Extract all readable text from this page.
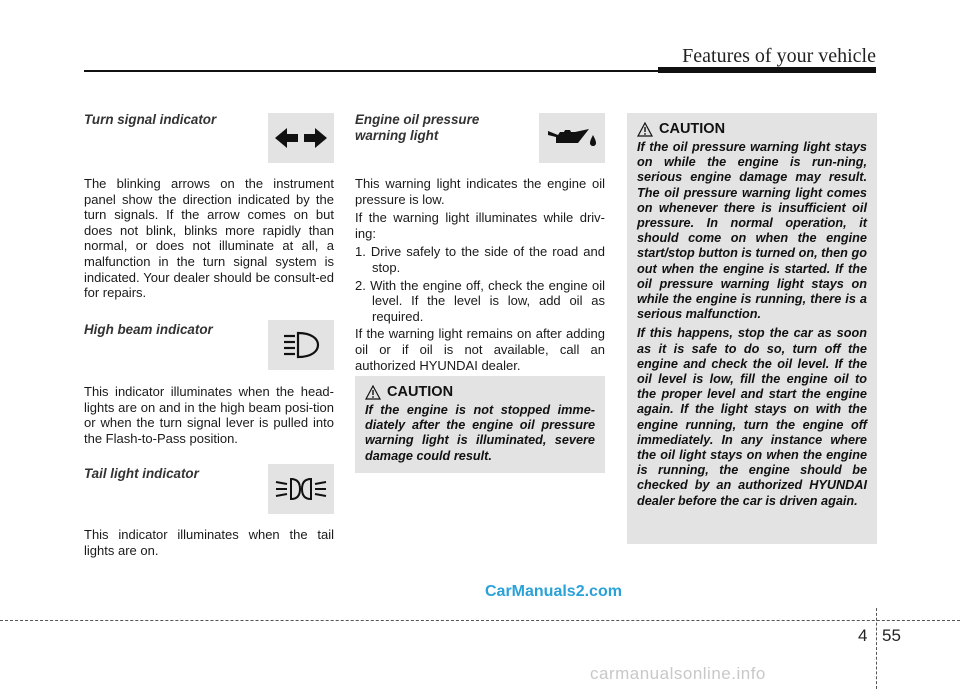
Features of your vehicle
Turn signal indicator

The blinking arrows on the instrument panel show the direction indicated by the turn signals. If the arrow comes on but does not blink, blinks more rapidly than normal, or does not illuminate at all, a malfunction in the turn signal system is indicated. Your dealer should be consult-ed for repairs.

High beam indicator

This indicator illuminates when the head-lights are on and in the high beam posi-tion or when the turn signal lever is pulled into the Flash-to-Pass position.

Tail light indicator

This indicator illuminates when the tail lights are on.

Engine oil pressure
warning light

This warning light indicates the engine oil pressure is low.

If the warning light illuminates while driv-ing:

1. Drive safely to the side of the road and stop.
2. With the engine off, check the engine oil level. If the level is low, add oil as required.

If the warning light remains on after adding oil or if oil is not available, call an authorized HYUNDAI dealer.

CAUTION
If the engine is not stopped imme-diately after the engine oil pressure warning light is illuminated, severe damage could result.
CAUTION

If the oil pressure warning light stays on while the engine is run-ning, serious engine damage may result. The oil pressure warning light comes on whenever there is insufficient oil pressure. In normal operation, it should come on when the engine start/stop button is turned on, then go out when the engine is started. If the oil pressure warning light stays on while the engine is running, there is a serious malfunction.

If this happens, stop the car as soon as it is safe to do so, turn off the engine and check the oil level. If the oil level is low, fill the engine oil to the proper level and start the engine again. If the light stays on with the engine running, turn the engine off immediately. In any instance where the oil light stays on when the engine is running, the engine should be checked by an authorized HYUNDAI dealer before the car is driven again.

CarManuals2.com
4 55
carmanualsonline.info
